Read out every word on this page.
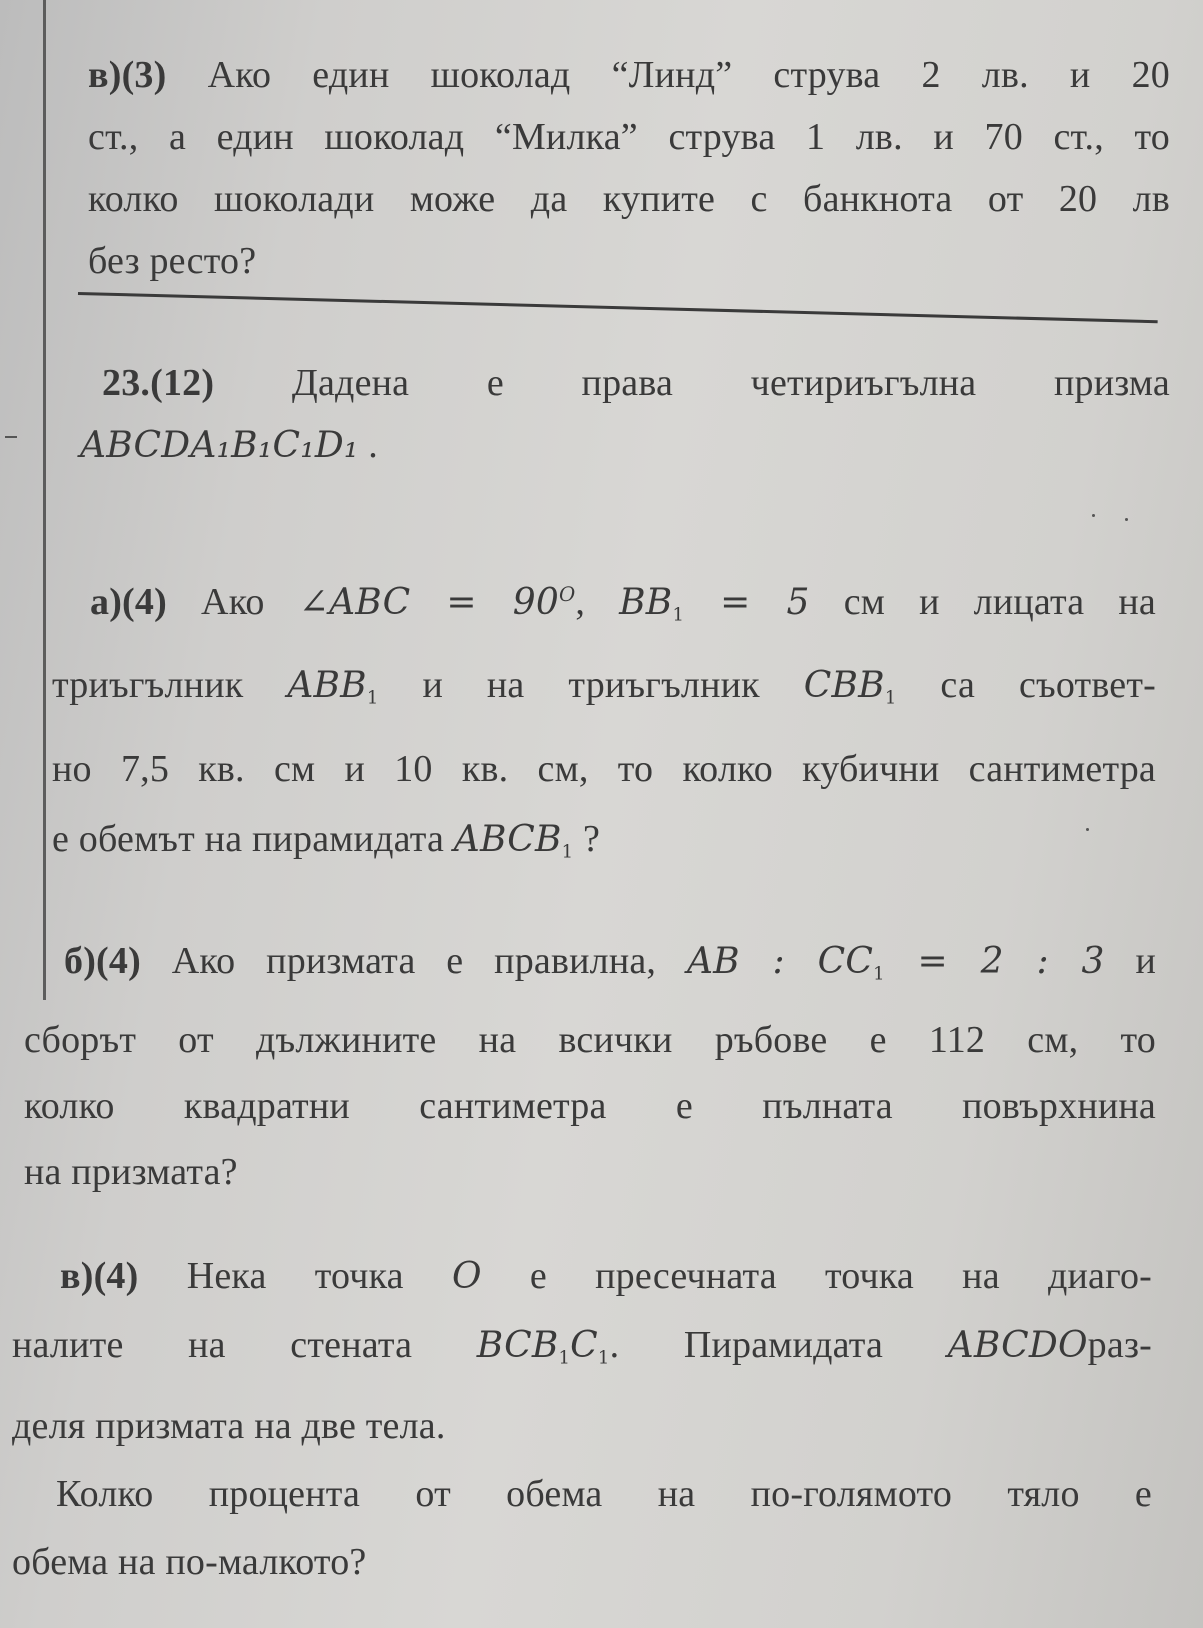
в)(3) Ако един шоколад “Линд” струва 2 лв. и 20

ст., а един шоколад “Милка” струва 1 лв. и 70 ст., то

колко шоколади може да купите с банкнота от 20 лв

без ресто?

23.(12) Дадена е права четириъгълна призма

ABCDA₁B₁C₁D₁ .

а)(4) Ако ∠ABC = $90^O$, $BB_1 = 5$ см и лицата на

триъгълник $ABB_1$ и на триъгълник $CBB_1$ са съответ-

но 7,5 кв. см и 10 кв. см, то колко кубични сантиметра

е обемът на пирамидата $ABCB_1$ ?

б)(4) Ако призмата е правилна, AB : $CC_1 = 2$ : 3 и

сборът от дължините на всички ръбове е 112 см, то

колко квадратни сантиметра е пълната повърхнина

на призмата?

в)(4) Нека точка O е пресечната точка на диаго-

налите на стената $BCB_1C_1$. Пирамидата ABCDOраз-

деля призмата на две тела.

Колко процента от обема на по-голямото тяло е

обема на по-малкото?
